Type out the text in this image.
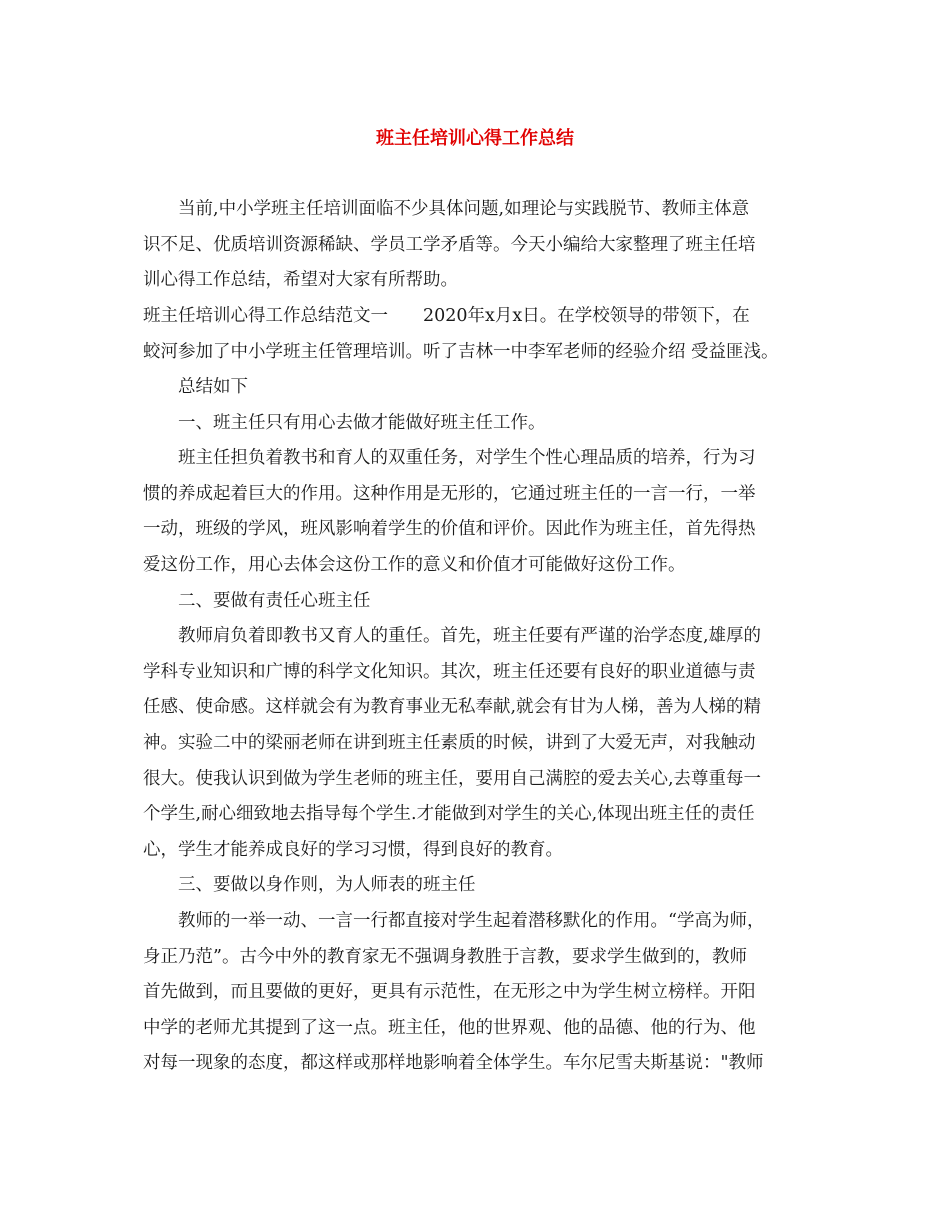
班主任培训心得工作总结
当前,中小学班主任培训面临不少具体问题,如理论与实践脱节、教师主体意
识不足、优质培训资源稀缺、学员工学矛盾等。今天小编给大家整理了班主任培
训心得工作总结，希望对大家有所帮助。
班主任培训心得工作总结范文一　　2020年x月x日。在学校领导的带领下，在
蛟河参加了中小学班主任管理培训。听了吉林一中李军老师的经验介绍 受益匪浅。
总结如下
一、班主任只有用心去做才能做好班主任工作。
班主任担负着教书和育人的双重任务，对学生个性心理品质的培养，行为习
惯的养成起着巨大的作用。这种作用是无形的，它通过班主任的一言一行，一举
一动，班级的学风，班风影响着学生的价值和评价。因此作为班主任，首先得热
爱这份工作，用心去体会这份工作的意义和价值才可能做好这份工作。
二、要做有责任心班主任
教师肩负着即教书又育人的重任。首先，班主任要有严谨的治学态度,雄厚的
学科专业知识和广博的科学文化知识。其次，班主任还要有良好的职业道德与责
任感、使命感。这样就会有为教育事业无私奉献,就会有甘为人梯，善为人梯的精
神。实验二中的梁丽老师在讲到班主任素质的时候，讲到了大爱无声，对我触动
很大。使我认识到做为学生老师的班主任，要用自己满腔的爱去关心,去尊重每一
个学生,耐心细致地去指导每个学生.才能做到对学生的关心,体现出班主任的责任
心，学生才能养成良好的学习习惯，得到良好的教育。
三、要做以身作则，为人师表的班主任
教师的一举一动、一言一行都直接对学生起着潜移默化的作用。“学高为师，
身正乃范”。古今中外的教育家无不强调身教胜于言教，要求学生做到的，教师
首先做到，而且要做的更好，更具有示范性，在无形之中为学生树立榜样。开阳
中学的老师尤其提到了这一点。班主任，他的世界观、他的品德、他的行为、他
对每一现象的态度，都这样或那样地影响着全体学生。车尔尼雪夫斯基说："教师
